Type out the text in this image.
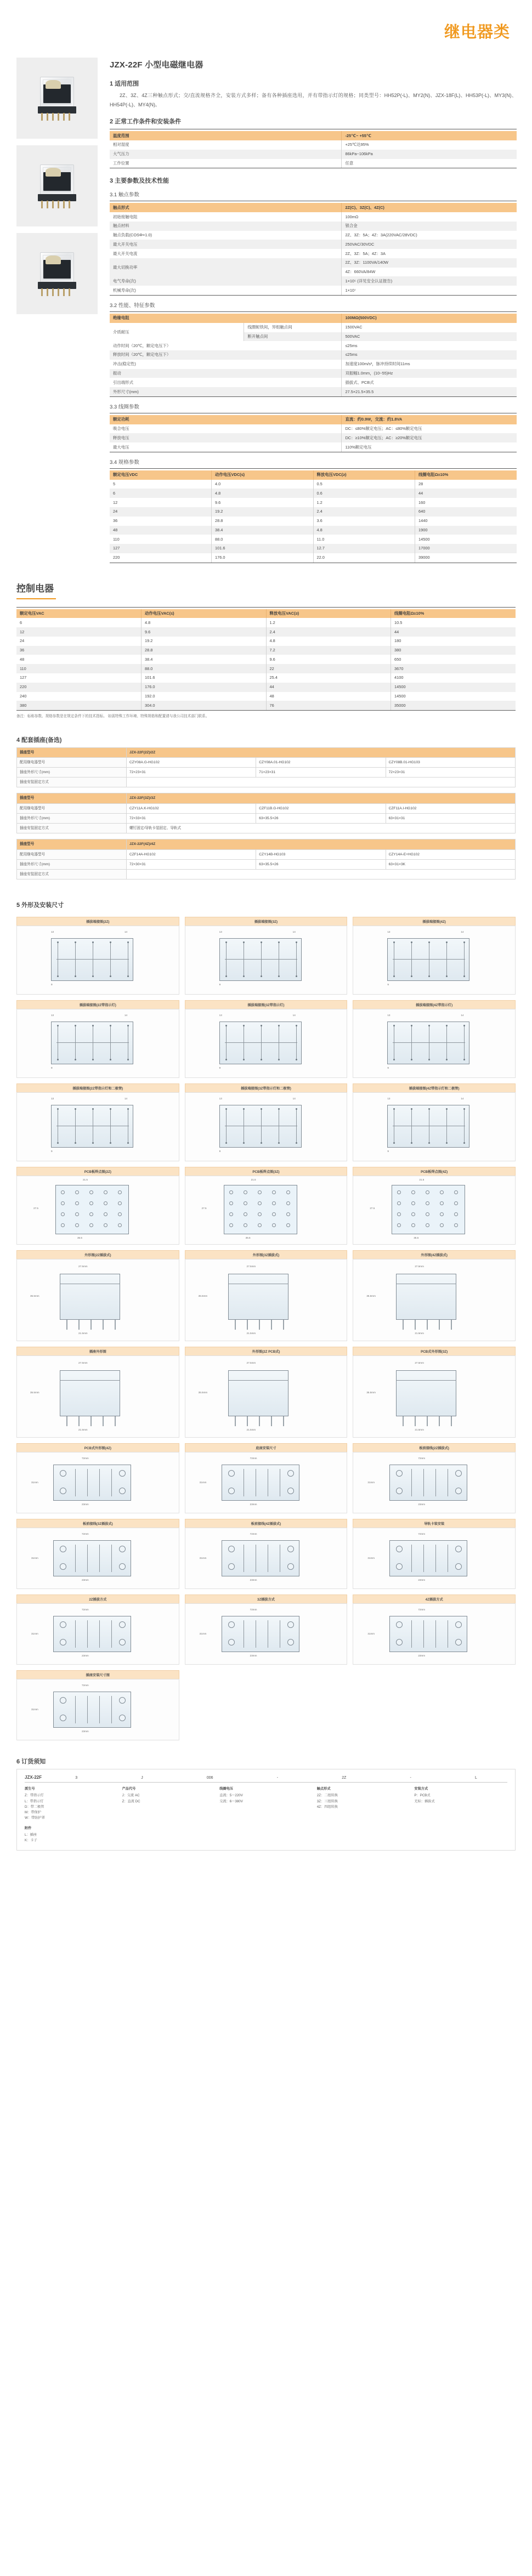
继电器类
JZX-22F 小型电磁继电器
1 适用范围

2Z、3Z、4Z三种触点形式；交/直流规格齐全，安装方式多样；备有各种插座选用，并有带指示灯的规格；同类型号：HH52P(-L)、MY2(N)、JZX-18F(L)、HH53P(-L)、MY3(N)、HH54P(-L)、MY4(N)。

2 正常工作条件和安装条件
温度范围	-25℃~ +55℃
相对湿度	+25℃达95%
大气压力	86kPa~106kPa
工作位置	任意
3 主要参数及技术性能
3.1 触点参数
触点形式	2Z(C)、3Z(C)、4Z(C)
初始接触电阻	100mΩ
触点材料	银合金
触点负载(COSΦ=1.0)	2Z、3Z：5A；4Z：3A(220VAC/28VDC)
最大开关电压	250VAC/30VDC
最大开关电流	2Z、3Z：5A；4Z：3A
最大切换功率	2Z、3Z：1100VA/140W
	4Z：660VA/84W
电气寿命(次)	1×10⁵ (详见安全认证报告)
机械寿命(次)	1×10⁷
3.2 性能、特征参数
绝缘电阻		100MΩ(500VDC)
介质耐压	线圈轭铁间，异组触点间	1500VAC
	断开触点间	500VAC
动作时间（20℃，额定电压下）		≤25ms
释放时间（20℃，额定电压下）		≤25ms
冲击(稳定性)		加速度100m/s²，脉冲持续时间11ms
振动		双振幅1.0mm，(10~55)Hz
引出端形式		插拔式、PCB式
外形尺寸(mm)		27.5×21.5×35.5
3.3 线圈参数
额定功耗	直流：约0.9W，交流：约1.8VA
吸合电压	DC：≤80%额定电压；AC：≤80%额定电压
释放电压	DC：≥10%额定电压；AC：≥20%额定电压
最大电压	110%额定电压
3.4 规格参数
额定电压VDC	动作电压VDC(≤)	释放电压VDC(≥)	线圈电阻Ω±10%
5	4.0	0.5	28
6	4.8	0.6	44
12	9.6	1.2	160
24	19.2	2.4	640
36	28.8	3.6	1440
48	38.4	4.8	1900
110	88.0	11.0	14500
127	101.6	12.7	17000
220	176.0	22.0	39000
控制电器
额定电压VAC	动作电压VAC(≤)	释放电压VAC(≥)	线圈电阻Ω±10%
6	4.8	1.2	10.5
12	9.6	2.4	44
24	19.2	4.8	180
36	28.8	7.2	380
48	38.4	9.6	650
110	88.0	22	3670
127	101.6	25.4	4100
220	176.0	44	14500
240	192.0	48	14500
380	304.0	76	35000

备注：标称参数、规格参数是在规定条件下的技术指标。 如需特殊工作环境、特殊规格和配置请与我公司技术部门联系。

4 配套插座(备选)
插座型号	JZX-22F(2Z)/2Z		
配用继电器型号	CZY08A.G-HG102	CZY08A.01-HG102	CZY08B.01-HG103
插座外形尺寸(mm)	72×23×31	71×23×31	72×23×31
插座安装固定方式			
插座型号	JZX-22F(3Z)/3Z		
配用继电器型号	CZY11A.K-HG102	CZF11B.G-HG102	CZF11A.I-HG102
插座外形尺寸(mm)	72×33×31	63×35.5×26	63×31×31
插座安装固定方式	螺钉固定/导轨卡装固定、导轨式		
插座型号	JZX-22F(4Z)/4Z		
配用继电器型号	CZF14A-HG102	CZY14B-HG103	CZY14A-E+HG102
插座外形尺寸(mm)	72×30×31	63×35.5×26	63×31×3K
插座安装固定方式			
5 外形及安装尺寸
插拔端接图(2Z)
13	14
9
插拔端接图(3Z)
13	14
9
插拔端接图(4Z)
13	14
9
插拔端接图(2Z带指示灯)
13	14
9
插拔端接图(3Z带指示灯)
13	14
9
插拔端接图(4Z带指示灯)
13	14
9
插拔端接图(2Z带指示灯和二极管)
13	14
9
插拔端接图(3Z带指示灯和二极管)
13	14
9
插拔端接图(4Z带指示灯和二极管)
13	14
9
PCB板焊点图(2Z)
21.5
27.5
35.5
PCB板焊点图(3Z)
21.5
27.5
35.5
PCB板焊点图(4Z)
21.5
27.5
35.5
外形图(2Z插拔式)
27.5mm
35.5mm
21.5mm
外形图(3Z插拔式)
27.5mm
35.5mm
21.5mm
外形图(4Z插拔式)
27.5mm
35.5mm
21.5mm
插座外形图
27.5mm
35.5mm
21.5mm
外形图(2Z PCB式)
27.5mm
35.5mm
21.5mm
PCB式外形图(3Z)
27.5mm
35.5mm
21.5mm
PCB式外形图(4Z)
72mm
31mm
23mm
底座安装尺寸
72mm
31mm
23mm
板前接线(2Z插拔式)
72mm
31mm
23mm
板前接线(3Z插拔式)
72mm
31mm
23mm
板前接线(4Z插拔式)
72mm
31mm
23mm
导轨卡装安装
72mm
31mm
23mm
2Z插拔方式
72mm
31mm
23mm
3Z插拔方式
72mm
31mm
23mm
4Z插拔方式
72mm
31mm
23mm
插座安装尺寸图
72mm
31mm
23mm
6 订货须知
JZX-22F	3	J	006	-	2Z	-	L
派生号
Z：带指示灯
L：带指示灯
D：带二极管
M：带保护
W：带防护罩
产品代号
J：交流 AC
Z：直流 DC
线圈电压
直流：5～220V
交流：6～380V
触点形式
2Z：二组转换
3Z：三组转换
4Z：四组转换
安装方式
P：PCB式
无标：插拔式
附件
L：插座
K：卡子
